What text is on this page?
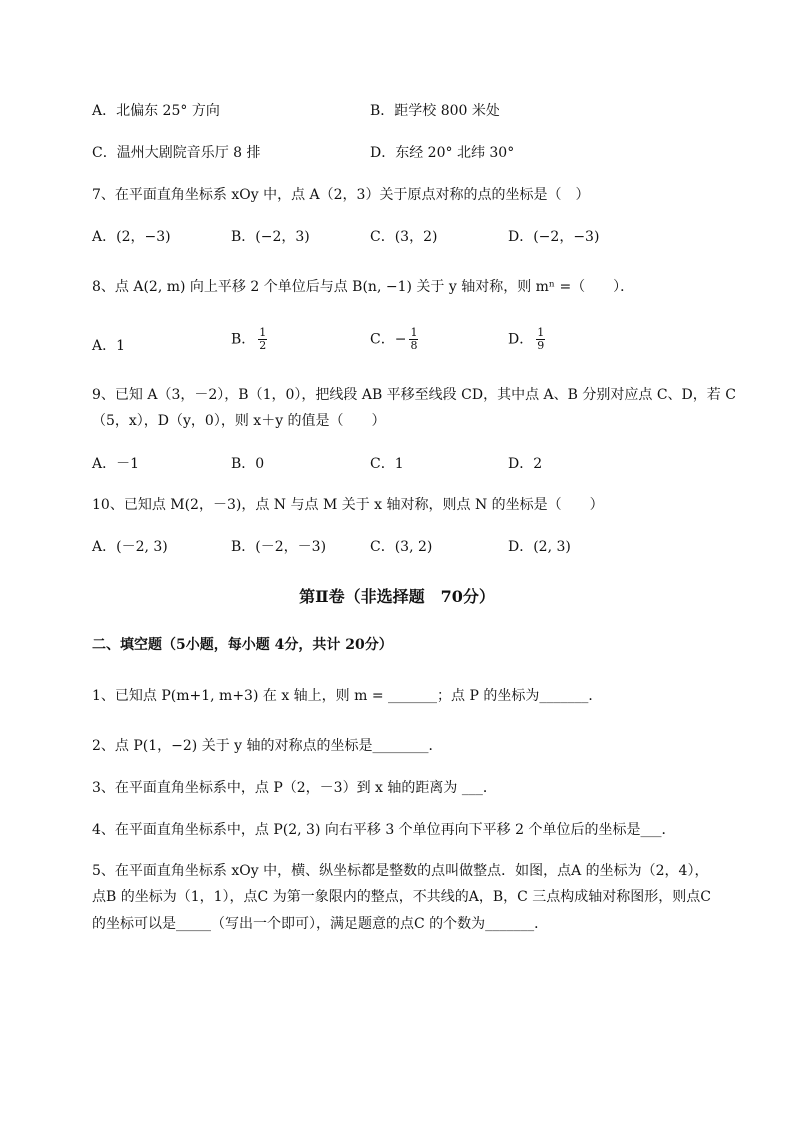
A．北偏东 25° 方向	B．距学校 800 米处
C．温州大剧院音乐厅 8 排	D．东经 20° 北纬 30°
7、在平面直角坐标系 xOy 中，点 A（2，3）关于原点对称的点的坐标是（　）
A．(2，−3)	B．(−2，3)	C．(3，2)	D．(−2，−3)
8、点 A(2, m) 向上平移 2 个单位后与点 B(n, −1) 关于 y 轴对称，则 mⁿ =（　　）．
A．1	B． $\frac{1}{2}$	C．− $\frac{1}{8}$	D． $\frac{1}{9}$
9、已知 A（3，－2），B（1，0），把线段 AB 平移至线段 CD，其中点 A、B 分别对应点 C、D，若 C
（5，x），D（y，0），则 x＋y 的值是（　　）
A．－1	B．0	C．1	D．2
10、已知点 M(2，－3)，点 N 与点 M 关于 x 轴对称，则点 N 的坐标是（　　）
A．(－2, 3)	B．(－2，－3)	C．(3, 2)	D．(2, 3)
第Ⅱ卷（非选择题　70分）
二、填空题（5小题，每小题 4分，共计 20分）
1、已知点 P(m+1, m+3) 在 x 轴上，则 m = _______；点 P 的坐标为_______．
2、点 P(1，−2) 关于 y 轴的对称点的坐标是________．
3、在平面直角坐标系中，点 P（2，－3）到 x 轴的距离为 ___．
4、在平面直角坐标系中，点 P(2, 3) 向右平移 3 个单位再向下平移 2 个单位后的坐标是___．
5、在平面直角坐标系 xOy 中，横、纵坐标都是整数的点叫做整点．如图，点A 的坐标为（2，4），
点B 的坐标为（1，1），点C 为第一象限内的整点，不共线的A，B，C 三点构成轴对称图形，则点C
的坐标可以是_____（写出一个即可），满足题意的点C 的个数为_______．
